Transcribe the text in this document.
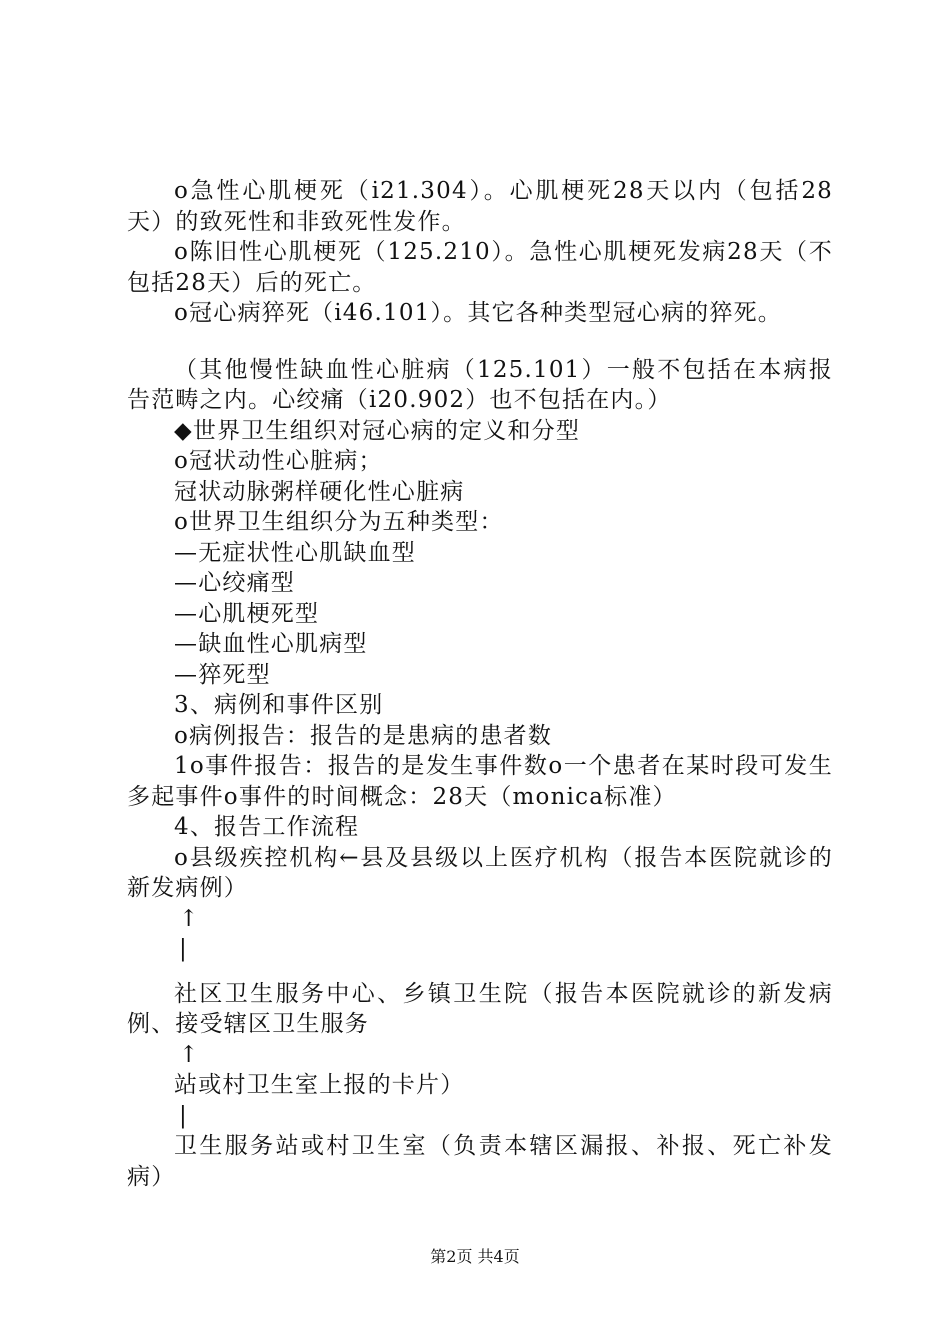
o急性心肌梗死（i21.304）。心肌梗死28天以内（包括28天）的致死性和非致死性发作。

o陈旧性心肌梗死（125.210）。急性心肌梗死发病28天（不包括28天）后的死亡。

o冠心病猝死（i46.101）。其它各种类型冠心病的猝死。

（其他慢性缺血性心脏病（125.101）一般不包括在本病报告范畴之内。心绞痛（i20.902）也不包括在内。）

◆世界卫生组织对冠心病的定义和分型

o冠状动性心脏病；

冠状动脉粥样硬化性心脏病

o世界卫生组织分为五种类型：

—无症状性心肌缺血型

—心绞痛型

—心肌梗死型

—缺血性心肌病型

—猝死型

3、病例和事件区别

o病例报告：报告的是患病的患者数

1o事件报告：报告的是发生事件数o一个患者在某时段可发生多起事件o事件的时间概念：28天（monica标准）

4、报告工作流程

o县级疾控机构←县及县级以上医疗机构（报告本医院就诊的新发病例）

↑

|

社区卫生服务中心、乡镇卫生院（报告本医院就诊的新发病例、接受辖区卫生服务

↑

站或村卫生室上报的卡片）

|

卫生服务站或村卫生室（负责本辖区漏报、补报、死亡补发病）

第2页 共4页
